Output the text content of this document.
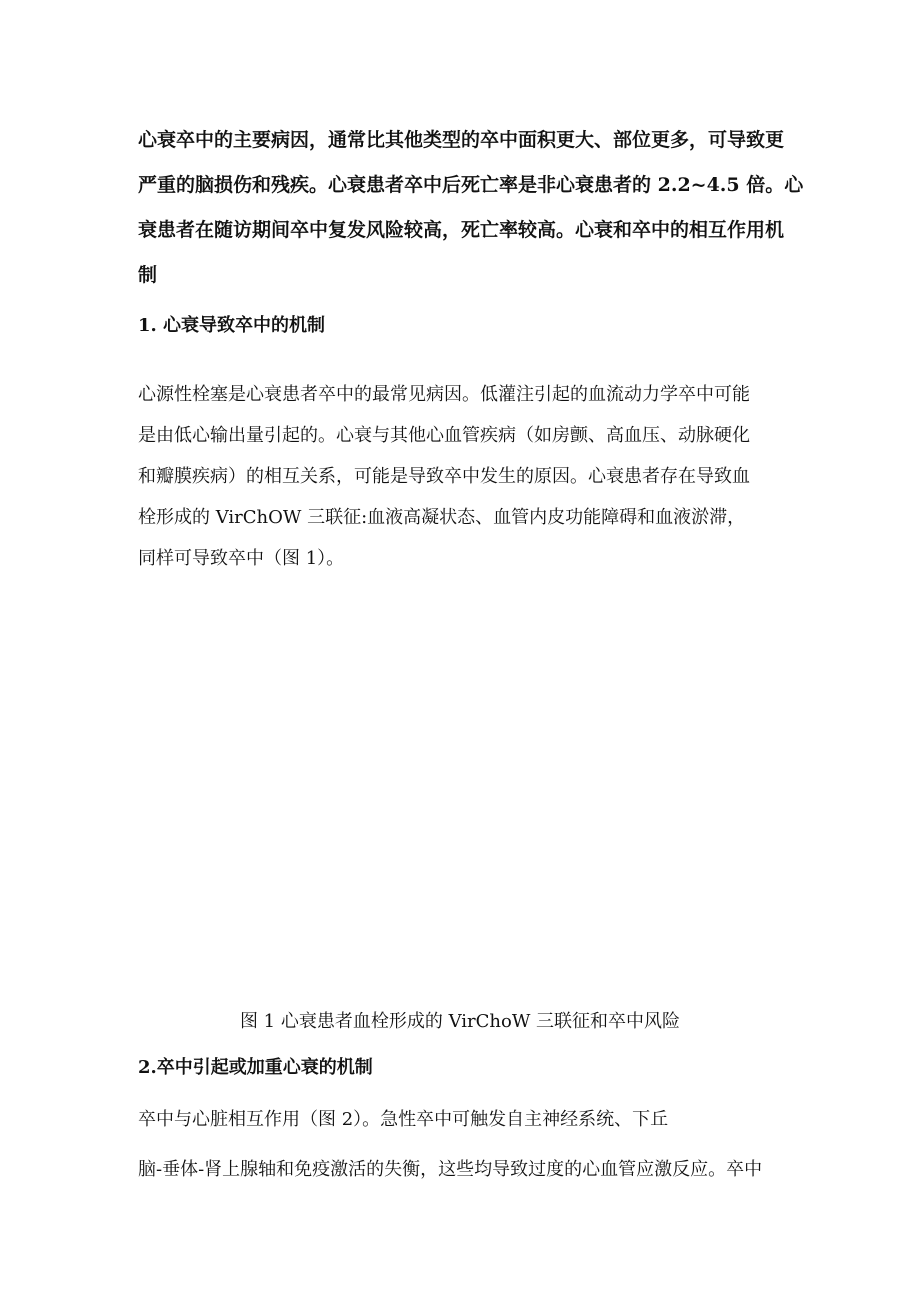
心衰卒中的主要病因，通常比其他类型的卒中面积更大、部位更多，可导致更
严重的脑损伤和残疾。心衰患者卒中后死亡率是非心衰患者的 2.2~4.5 倍。心
衰患者在随访期间卒中复发风险较高，死亡率较高。心衰和卒中的相互作用机
制

1. 心衰导致卒中的机制

心源性栓塞是心衰患者卒中的最常见病因。低灌注引起的血流动力学卒中可能
是由低心输出量引起的。心衰与其他心血管疾病（如房颤、高血压、动脉硬化
和瓣膜疾病）的相互关系，可能是导致卒中发生的原因。心衰患者存在导致血
栓形成的 VirChOW 三联征:血液高凝状态、血管内皮功能障碍和血液淤滞，
同样可导致卒中（图 1）。

图 1 心衰患者血栓形成的 VirChoW 三联征和卒中风险
2.卒中引起或加重心衰的机制

卒中与心脏相互作用（图 2）。急性卒中可触发自主神经系统、下丘

脑-垂体-肾上腺轴和免疫激活的失衡，这些均导致过度的心血管应激反应。卒中
